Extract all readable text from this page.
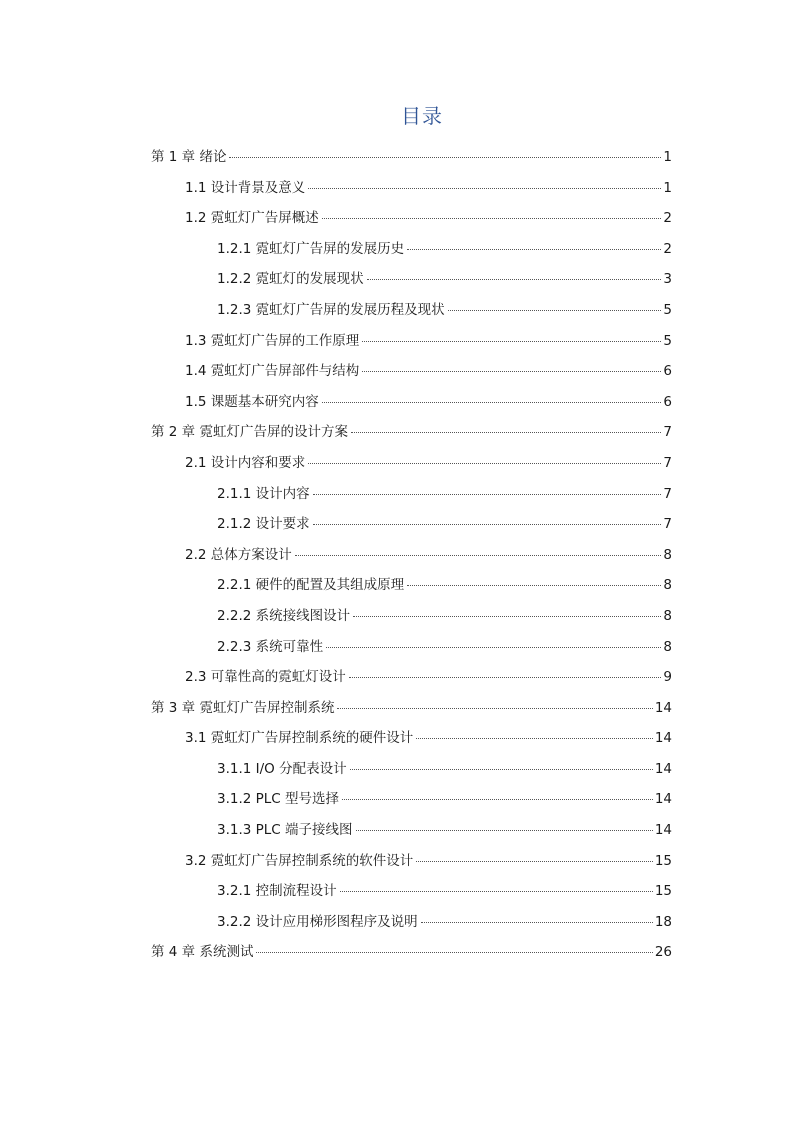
目录
第 1 章 绪论	1
1.1 设计背景及意义	1
1.2 霓虹灯广告屏概述	2
1.2.1 霓虹灯广告屏的发展历史	2
1.2.2 霓虹灯的发展现状	3
1.2.3 霓虹灯广告屏的发展历程及现状	5
1.3 霓虹灯广告屏的工作原理	5
1.4 霓虹灯广告屏部件与结构	6
1.5 课题基本研究内容	6
第 2 章 霓虹灯广告屏的设计方案	7
2.1 设计内容和要求	7
2.1.1 设计内容	7
2.1.2 设计要求	7
2.2 总体方案设计	8
2.2.1 硬件的配置及其组成原理	8
2.2.2 系统接线图设计	8
2.2.3 系统可靠性	8
2.3 可靠性高的霓虹灯设计	9
第 3 章 霓虹灯广告屏控制系统	14
3.1 霓虹灯广告屏控制系统的硬件设计	14
3.1.1 I/O 分配表设计	14
3.1.2 PLC 型号选择	14
3.1.3 PLC 端子接线图	14
3.2 霓虹灯广告屏控制系统的软件设计	15
3.2.1 控制流程设计	15
3.2.2 设计应用梯形图程序及说明	18
第 4 章 系统测试	26
